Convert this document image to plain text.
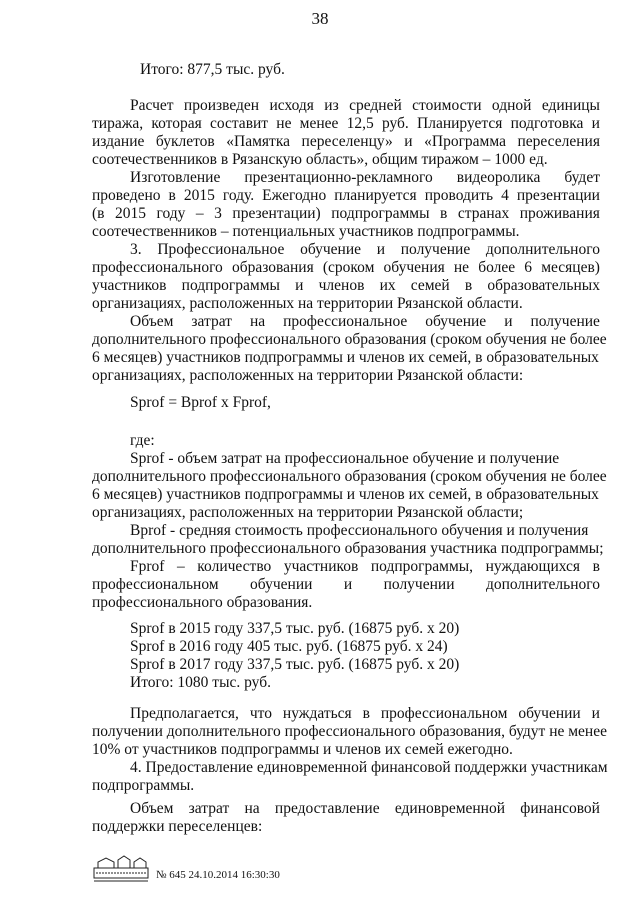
38
Итого: 877,5 тыс. руб.
Расчет произведен исходя из средней стоимости одной единицы
тиража, которая составит не менее 12,5 руб. Планируется подготовка и
издание буклетов «Памятка переселенцу» и «Программа переселения
соотечественников в Рязанскую область», общим тиражом – 1000 ед.
Изготовление презентационно-рекламного видеоролика будет
проведено в 2015 году. Ежегодно планируется проводить 4 презентации
(в 2015 году – 3 презентации) подпрограммы в странах проживания
соотечественников – потенциальных участников подпрограммы.
3. Профессиональное обучение и получение дополнительного
профессионального образования (сроком обучения не более 6 месяцев)
участников подпрограммы и членов их семей в образовательных
организациях, расположенных на территории Рязанской области.
Объем затрат на профессиональное обучение и получение
дополнительного профессионального образования (сроком обучения не более
6 месяцев) участников подпрограммы и членов их семей, в образовательных
организациях, расположенных на территории Рязанской области:
Sprof = Bprof x Fprof,
где:
Sprof - объем затрат на профессиональное обучение и получение
дополнительного профессионального образования (сроком обучения не более
6 месяцев) участников подпрограммы и членов их семей, в образовательных
организациях, расположенных на территории Рязанской области;
Bprof - средняя стоимость профессионального обучения и получения
дополнительного профессионального образования участника подпрограммы;
Fprof – количество участников подпрограммы, нуждающихся в
профессиональном обучении и получении дополнительного
профессионального образования.
Sprof в 2015 году 337,5 тыс. руб. (16875 руб. х 20)
Sprof в 2016 году 405 тыс. руб. (16875 руб. х 24)
Sprof в 2017 году 337,5 тыс. руб. (16875 руб. х 20)
Итого: 1080 тыс. руб.
Предполагается, что нуждаться в профессиональном обучении и
получении дополнительного профессионального образования, будут не менее
10% от участников подпрограммы и членов их семей ежегодно.
4. Предоставление единовременной финансовой поддержки участникам
подпрограммы.
Объем затрат на предоставление единовременной финансовой
поддержки переселенцев:
№ 645 24.10.2014 16:30:30
